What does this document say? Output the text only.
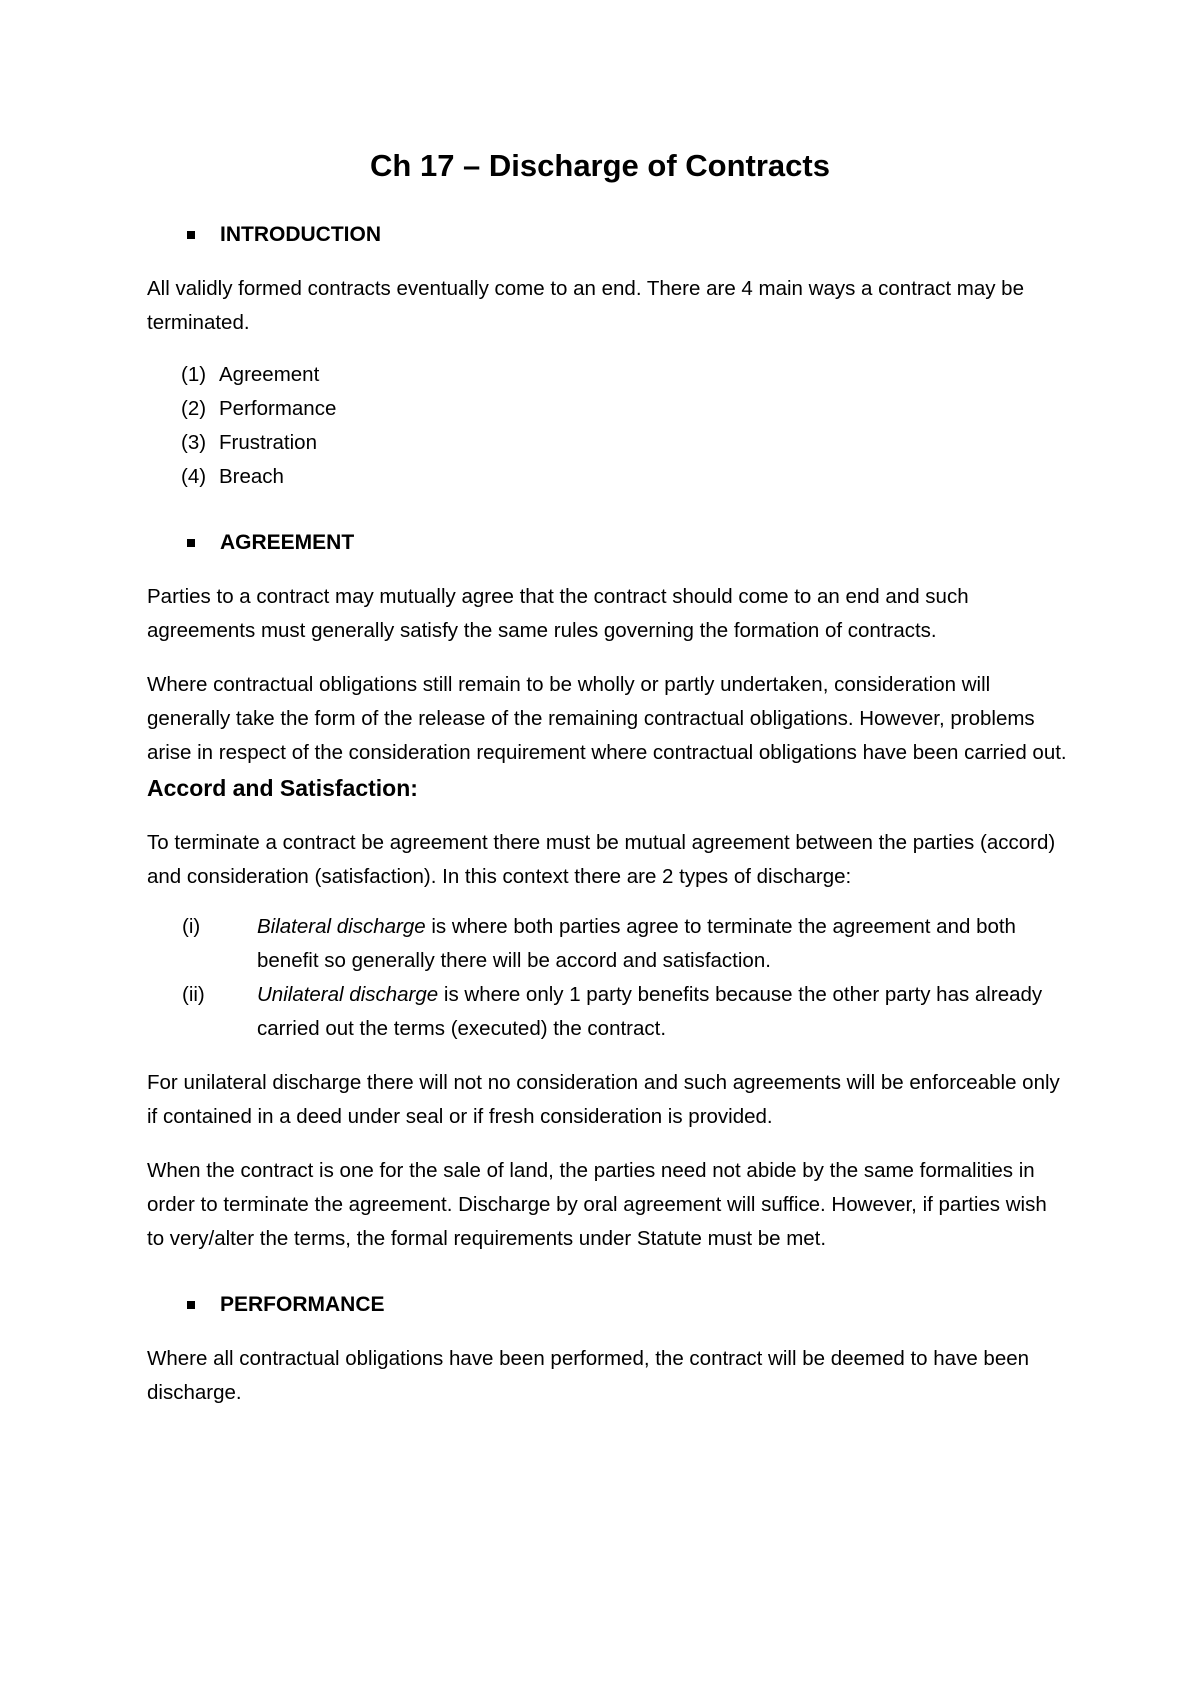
Ch 17 – Discharge of Contracts
INTRODUCTION

All validly formed contracts eventually come to an end. There are 4 main ways a contract may be terminated.

(1) Agreement
(2) Performance
(3) Frustration
(4) Breach
AGREEMENT

Parties to a contract may mutually agree that the contract should come to an end and such agreements must generally satisfy the same rules governing the formation of contracts.

Where contractual obligations still remain to be wholly or partly undertaken, consideration will generally take the form of the release of the remaining contractual obligations. However, problems arise in respect of the consideration requirement where contractual obligations have been carried out.

Accord and Satisfaction:

To terminate a contract be agreement there must be mutual agreement between the parties (accord) and consideration (satisfaction). In this context there are 2 types of discharge:

(i)	Bilateral discharge is where both parties agree to terminate the agreement and both benefit so generally there will be accord and satisfaction.
(ii)	Unilateral discharge is where only 1 party benefits because the other party has already carried out the terms (executed) the contract.

For unilateral discharge there will not no consideration and such agreements will be enforceable only if contained in a deed under seal or if fresh consideration is provided.

When the contract is one for the sale of land, the parties need not abide by the same formalities in order to terminate the agreement. Discharge by oral agreement will suffice. However, if parties wish to very/alter the terms, the formal requirements under Statute must be met.

PERFORMANCE

Where all contractual obligations have been performed, the contract will be deemed to have been discharge.
